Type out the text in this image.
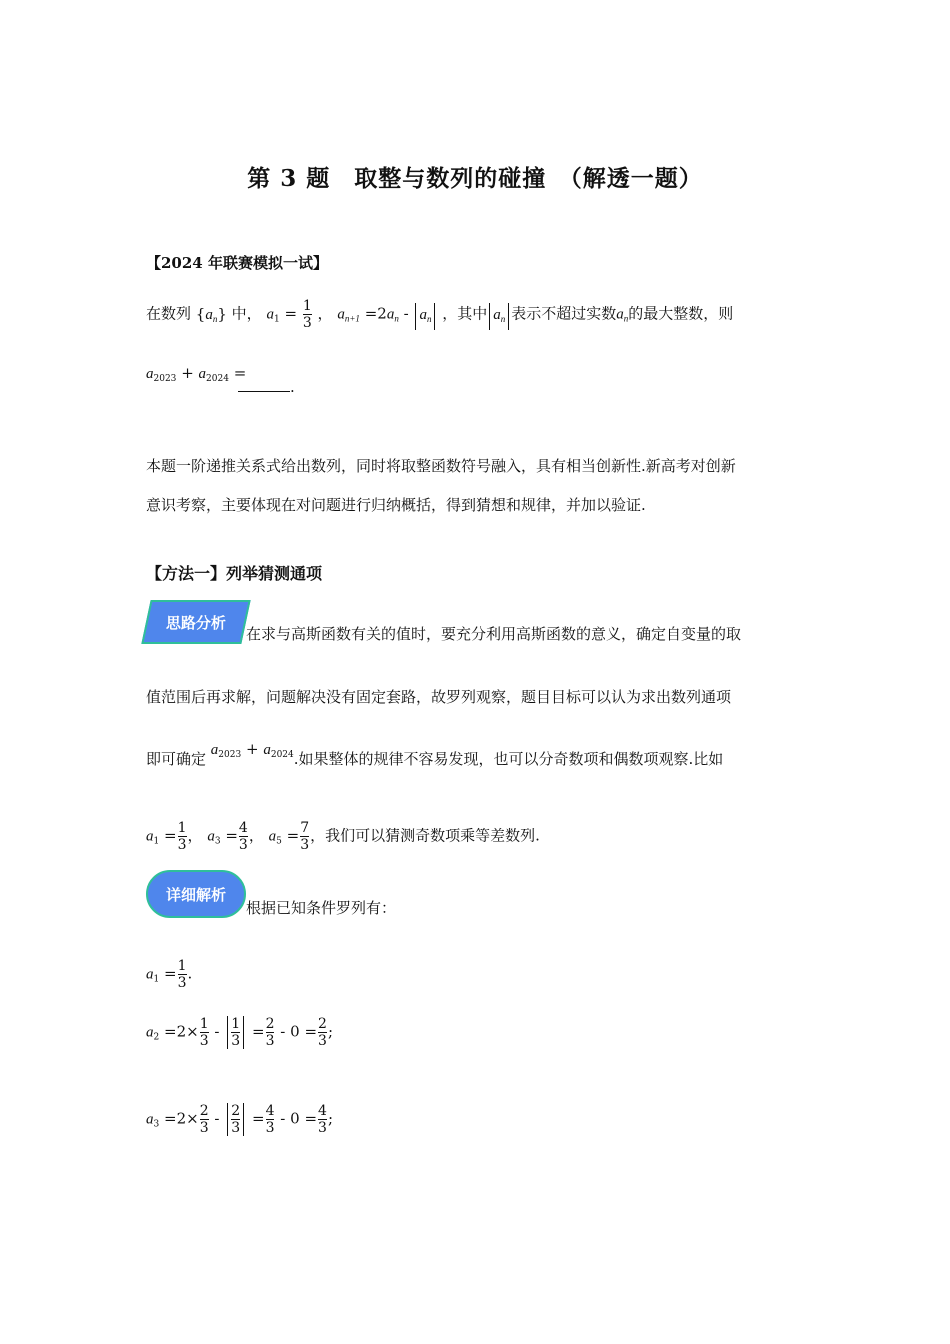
第 3 题　取整与数列的碰撞　（解透一题）
【2024 年联赛模拟一试】
在数列 $\{a_n\}$ 中， $a_1 = \frac{1}{3}$ ， $a_{n+1} =2a_n - a_n$ ，其中 $a_n$ 表示不超过实数$a_n$的最大整数，则
$a_{2023} + a_{2024}$ =
.
本题一阶递推关系式给出数列，同时将取整函数符号融入，具有相当创新性.新高考对创新
意识考察，主要体现在对问题进行归纳概括，得到猜想和规律，并加以验证.
【方法一】列举猜测通项
思路分析
在求与高斯函数有关的值时，要充分利用高斯函数的意义，确定自变量的取
值范围后再求解，问题解决没有固定套路，故罗列观察，题目目标可以认为求出数列通项
即可确定 $a_{2023} + a_{2024}$.如果整体的规律不容易发现，也可以分奇数项和偶数项观察.比如
$a_1 = \frac{1}{3}$ ， $a_3 = \frac{4}{3}$ ， $a_5 = \frac{7}{3}$ ，我们可以猜测奇数项乘等差数列.
详细解析
根据已知条件罗列有：
$a_1 = \frac{1}{3}$ .
$a_2 =2\times \frac{1}{3} - \frac{1}{3} = \frac{2}{3} - 0 = \frac{2}{3}$ ;
$a_3 =2\times \frac{2}{3} - \frac{2}{3} = \frac{4}{3} - 0 = \frac{4}{3}$ ;
